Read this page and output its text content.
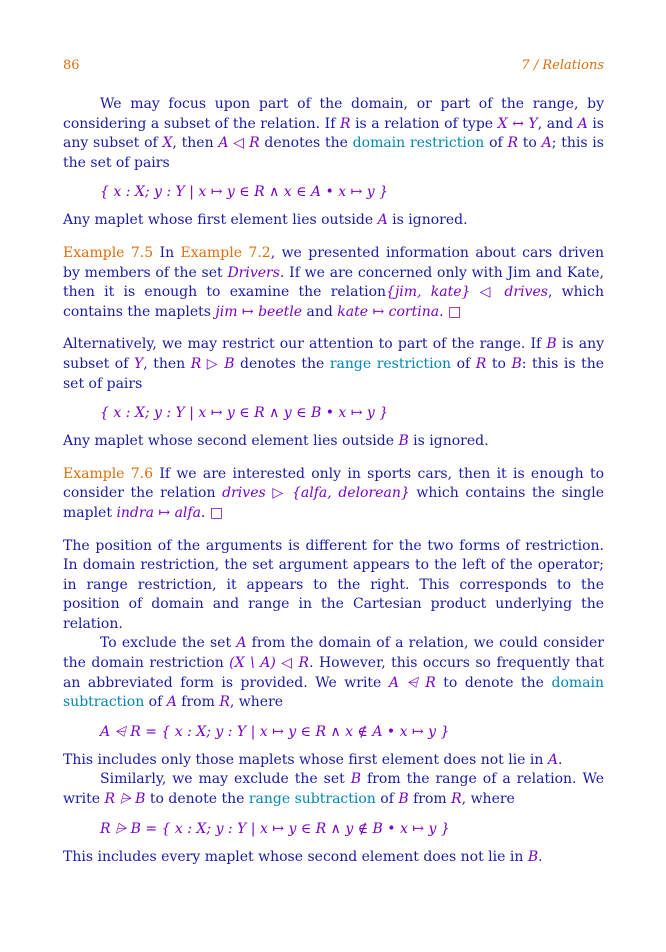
86	7 / Relations

We may focus upon part of the domain, or part of the range, by considering a subset of the relation. If R is a relation of type X ↔ Y, and A is any subset of X, then A ◁ R denotes the domain restriction of R to A; this is the set of pairs

{ x : X; y : Y | x ↦ y ∈ R ∧ x ∈ A • x ↦ y }

Any maplet whose first element lies outside A is ignored.

Example 7.5 In Example 7.2, we presented information about cars driven by members of the set Drivers. If we are concerned only with Jim and Kate, then it is enough to examine the relation{jim, kate} ◁ drives, which contains the maplets jim ↦ beetle and kate ↦ cortina. □

Alternatively, we may restrict our attention to part of the range. If B is any subset of Y, then R ▷ B denotes the range restriction of R to B: this is the set of pairs

{ x : X; y : Y | x ↦ y ∈ R ∧ y ∈ B • x ↦ y }

Any maplet whose second element lies outside B is ignored.

Example 7.6 If we are interested only in sports cars, then it is enough to consider the relation drives ▷ {alfa, delorean} which contains the single maplet indra ↦ alfa. □

The position of the arguments is different for the two forms of restriction. In domain restriction, the set argument appears to the left of the operator; in range restriction, it appears to the right. This corresponds to the position of domain and range in the Cartesian product underlying the relation.

To exclude the set A from the domain of a relation, we could consider the domain restriction (X \ A) ◁ R. However, this occurs so frequently that an abbreviated form is provided. We write A ⩤ R to denote the domain subtraction of A from R, where

A ⩤ R = { x : X; y : Y | x ↦ y ∈ R ∧ x ∉ A • x ↦ y }

This includes only those maplets whose first element does not lie in A.

Similarly, we may exclude the set B from the range of a relation. We write R ⩥ B to denote the range subtraction of B from R, where

R ⩥ B = { x : X; y : Y | x ↦ y ∈ R ∧ y ∉ B • x ↦ y }

This includes every maplet whose second element does not lie in B.
